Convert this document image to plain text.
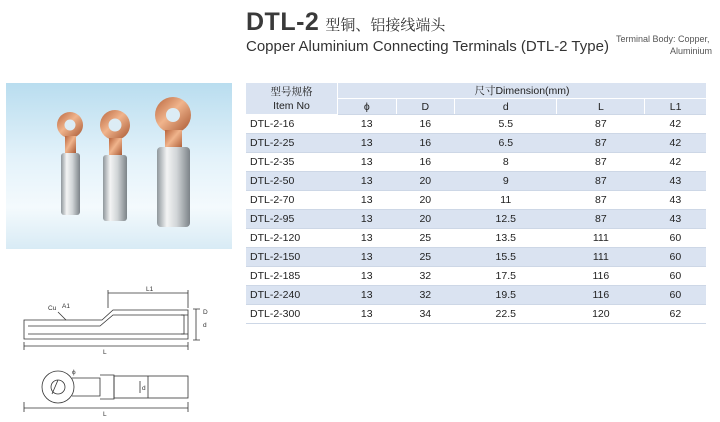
DTL-2 型铜、铝接线端头
Copper Aluminium Connecting Terminals (DTL-2 Type) Terminal Body: Copper,
Aluminium
型号规格
Item No	尺寸Dimension(mm)				
	ϕ	D	d	L	L1
DTL-2-16	13	16	5.5	87	42
DTL-2-25	13	16	6.5	87	42
DTL-2-35	13	16	8	87	42
DTL-2-50	13	20	9	87	43
DTL-2-70	13	20	11	87	43
DTL-2-95	13	20	12.5	87	43
DTL-2-120	13	25	13.5	111	60
DTL-2-150	13	25	15.5	111	60
DTL-2-185	13	32	17.5	116	60
DTL-2-240	13	32	19.5	116	60
DTL-2-300	13	34	22.5	120	62
Cu A1
L1
d
D
L
ϕ
d
L
